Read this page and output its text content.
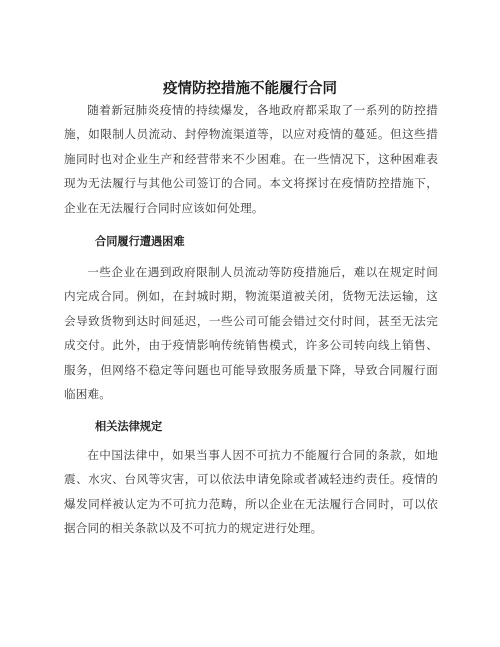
疫情防控措施不能履行合同

随着新冠肺炎疫情的持续爆发，各地政府都采取了一系列的防控措施，如限制人员流动、封停物流渠道等，以应对疫情的蔓延。但这些措施同时也对企业生产和经营带来不少困难。在一些情况下，这种困难表现为无法履行与其他公司签订的合同。本文将探讨在疫情防控措施下，企业在无法履行合同时应该如何处理。

合同履行遭遇困难

一些企业在遇到政府限制人员流动等防疫措施后，难以在规定时间内完成合同。例如，在封城时期，物流渠道被关闭，货物无法运输，这会导致货物到达时间延迟，一些公司可能会错过交付时间，甚至无法完成交付。此外，由于疫情影响传统销售模式，许多公司转向线上销售、服务，但网络不稳定等问题也可能导致服务质量下降，导致合同履行面临困难。

相关法律规定

在中国法律中，如果当事人因不可抗力不能履行合同的条款，如地震、水灾、台风等灾害，可以依法申请免除或者减轻违约责任。疫情的爆发同样被认定为不可抗力范畴，所以企业在无法履行合同时，可以依据合同的相关条款以及不可抗力的规定进行处理。
